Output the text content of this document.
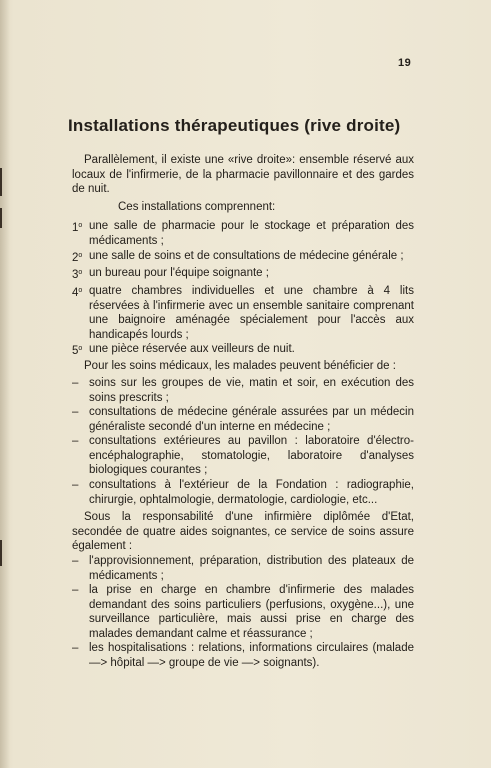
19
Installations thérapeutiques (rive droite)

Parallèlement, il existe une «rive droite»: ensemble réservé aux locaux de l'infirmerie, de la pharmacie pavillonnaire et des gardes de nuit.

Ces installations comprennent:

1$^o$ une salle de pharmacie pour le stockage et préparation des médicaments ;
2$^o$ une salle de soins et de consultations de médecine générale ;
3$^o$ un bureau pour l'équipe soignante ;
4$^o$ quatre chambres individuelles et une chambre à 4 lits réservées à l'infirmerie avec un ensemble sanitaire comprenant une baignoire aménagée spécialement pour l'accès aux handicapés lourds ;
5$^o$ une pièce réservée aux veilleurs de nuit.

Pour les soins médicaux, les malades peuvent bénéficier de :

– soins sur les groupes de vie, matin et soir, en exécution des soins prescrits ;
– consultations de médecine générale assurées par un médecin généraliste secondé d'un interne en médecine ;
– consultations extérieures au pavillon : laboratoire d'électro-encéphalographie, stomatologie, laboratoire d'analyses biologiques courantes ;
– consultations à l'extérieur de la Fondation : radiographie, chirurgie, ophtalmologie, dermatologie, cardiologie, etc...

Sous la responsabilité d'une infirmière diplômée d'Etat, secondée de quatre aides soignantes, ce service de soins assure également :

– l'approvisionnement, préparation, distribution des plateaux de médicaments ;
– la prise en charge en chambre d'infirmerie des malades demandant des soins particuliers (perfusions, oxygène...), une surveillance particulière, mais aussi prise en charge des malades demandant calme et réassurance ;
– les hospitalisations : relations, informations circulaires (malade —> hôpital —> groupe de vie —> soignants).
